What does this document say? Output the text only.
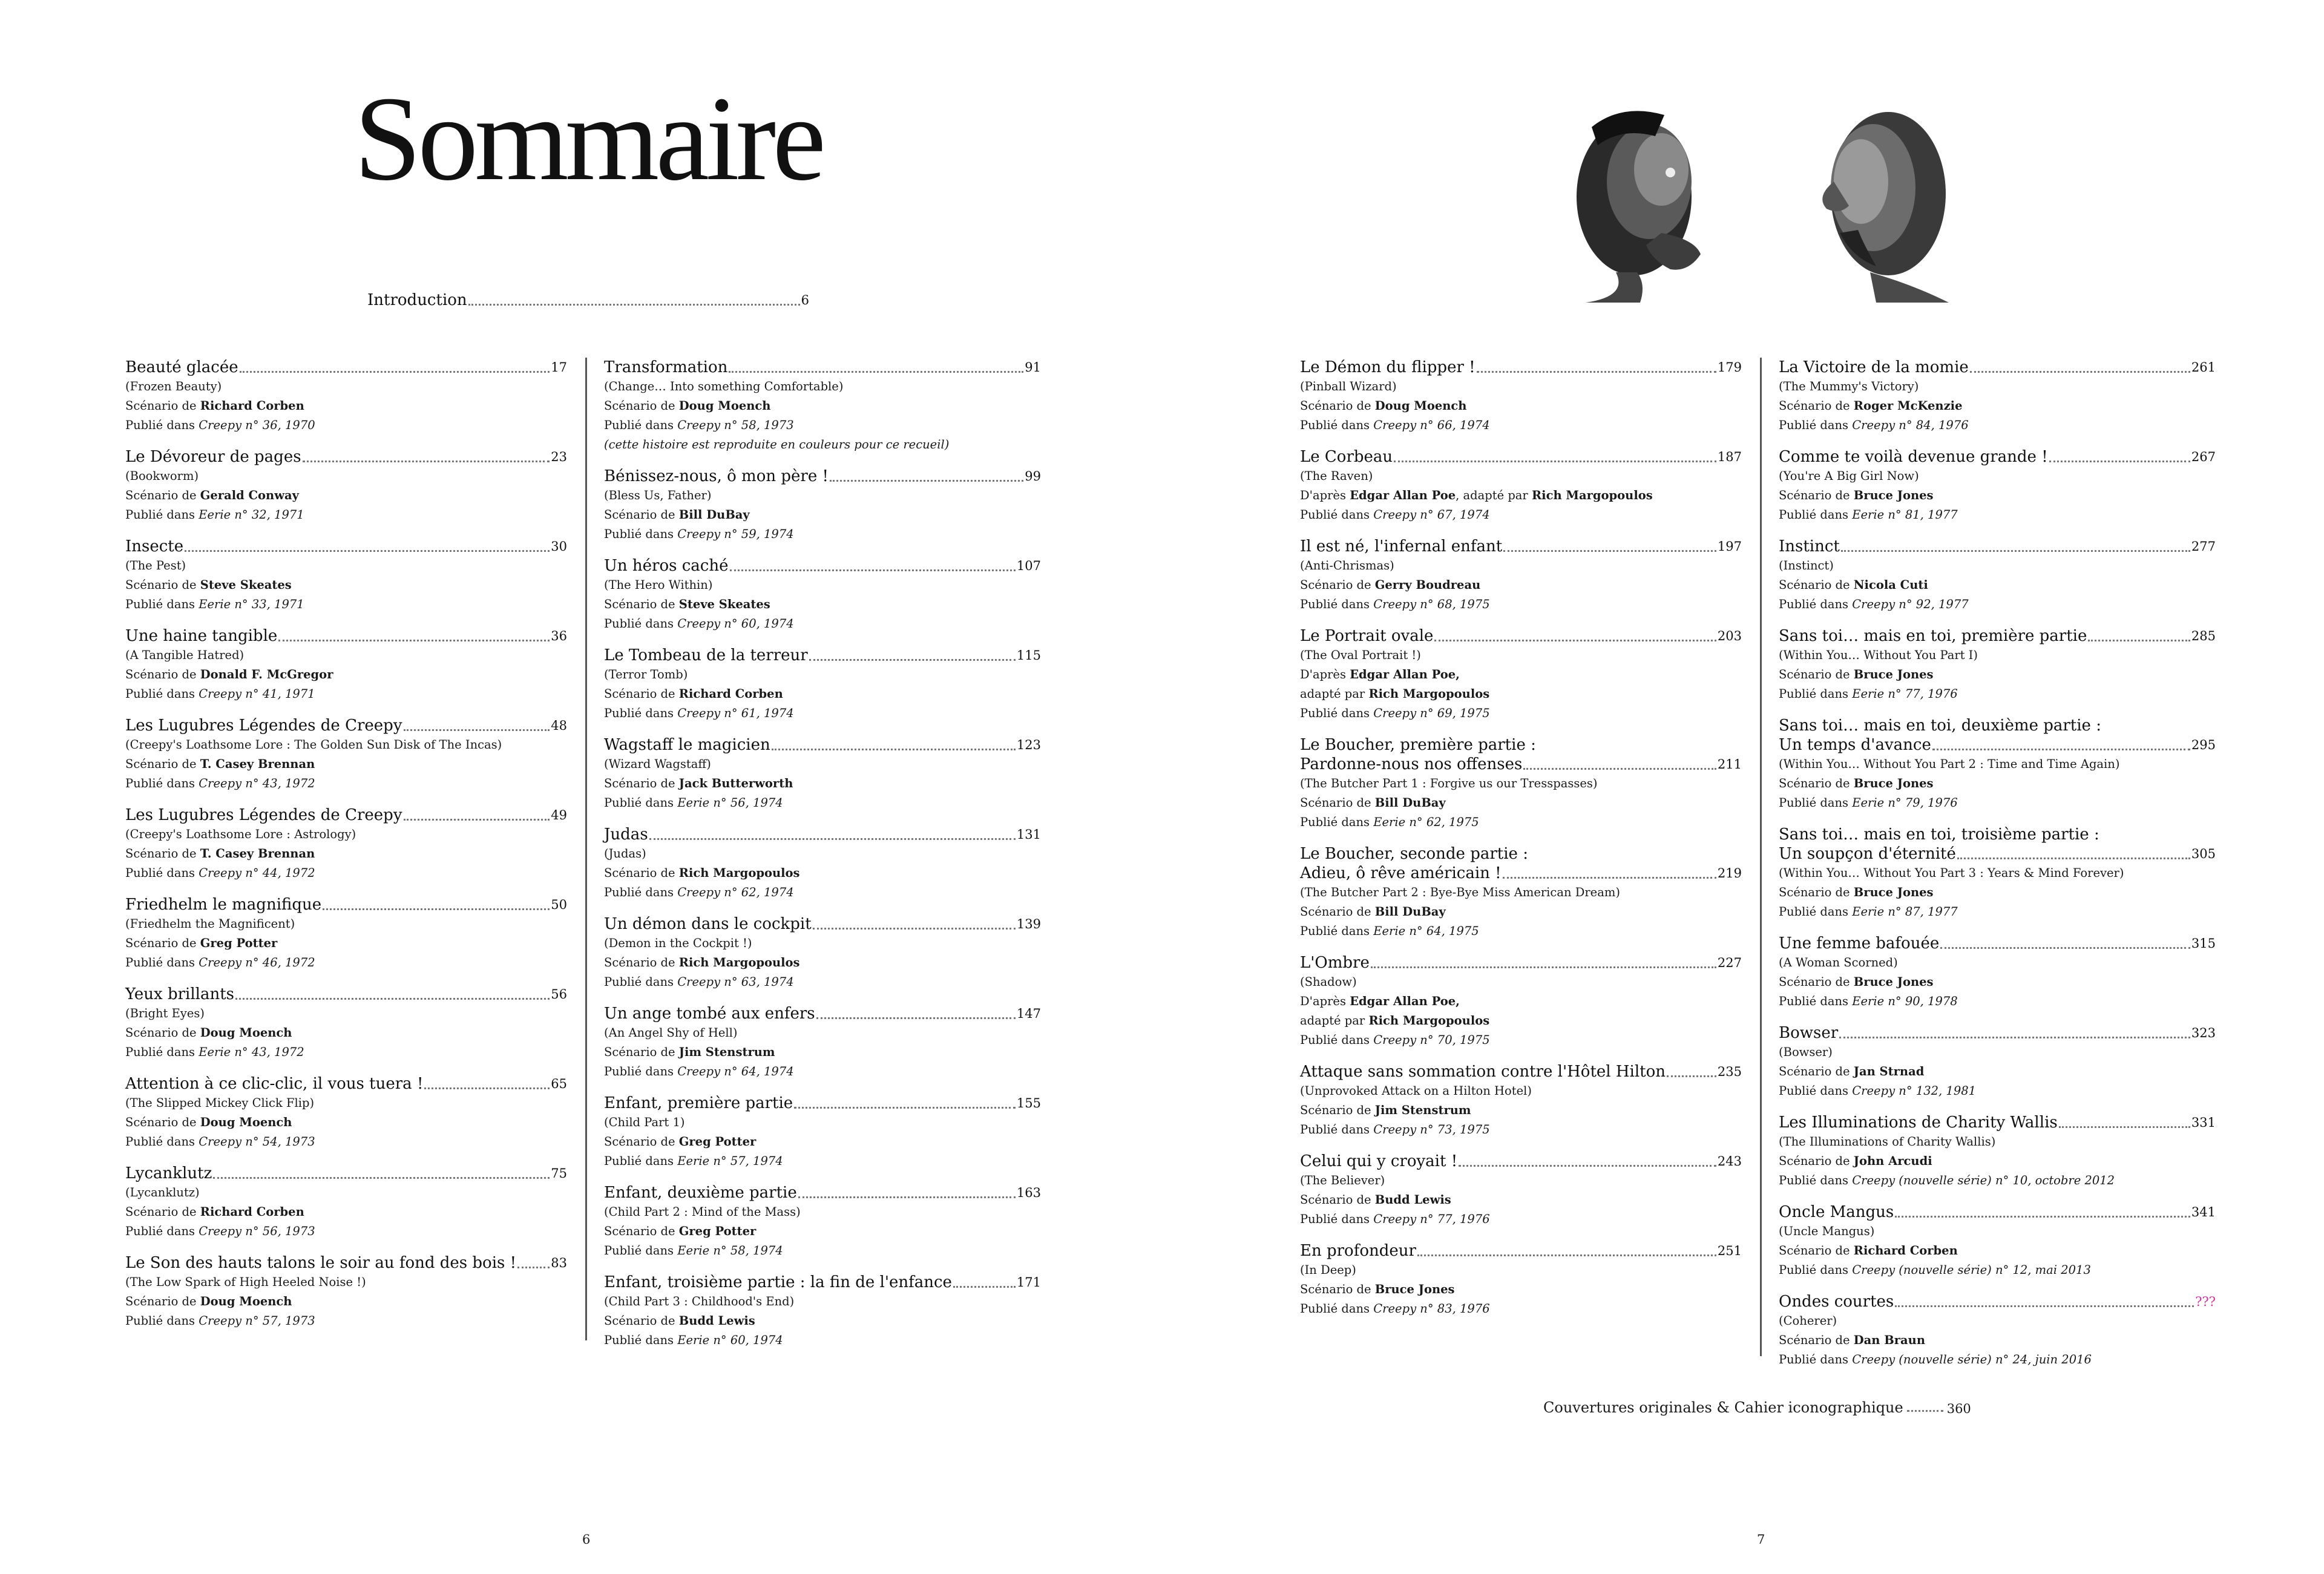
Sommaire
Introduction	6
Beauté glacée	17
(Frozen Beauty)
Scénario de Richard Corben
Publié dans Creepy n° 36, 1970
Le Dévoreur de pages	23
(Bookworm)
Scénario de Gerald Conway
Publié dans Eerie n° 32, 1971
Insecte	30
(The Pest)
Scénario de Steve Skeates
Publié dans Eerie n° 33, 1971
Une haine tangible	36
(A Tangible Hatred)
Scénario de Donald F. McGregor
Publié dans Creepy n° 41, 1971
Les Lugubres Légendes de Creepy	48
(Creepy's Loathsome Lore : The Golden Sun Disk of The Incas)
Scénario de T. Casey Brennan
Publié dans Creepy n° 43, 1972
Les Lugubres Légendes de Creepy	49
(Creepy's Loathsome Lore : Astrology)
Scénario de T. Casey Brennan
Publié dans Creepy n° 44, 1972
Friedhelm le magnifique	50
(Friedhelm the Magnificent)
Scénario de Greg Potter
Publié dans Creepy n° 46, 1972
Yeux brillants	56
(Bright Eyes)
Scénario de Doug Moench
Publié dans Eerie n° 43, 1972
Attention à ce clic-clic, il vous tuera !	65
(The Slipped Mickey Click Flip)
Scénario de Doug Moench
Publié dans Creepy n° 54, 1973
Lycanklutz	75
(Lycanklutz)
Scénario de Richard Corben
Publié dans Creepy n° 56, 1973
Le Son des hauts talons le soir au fond des bois !	83
(The Low Spark of High Heeled Noise !)
Scénario de Doug Moench
Publié dans Creepy n° 57, 1973
Transformation	91
(Change… Into something Comfortable)
Scénario de Doug Moench
Publié dans Creepy n° 58, 1973
(cette histoire est reproduite en couleurs pour ce recueil)
Bénissez-nous, ô mon père !	99
(Bless Us, Father)
Scénario de Bill DuBay
Publié dans Creepy n° 59, 1974
Un héros caché	107
(The Hero Within)
Scénario de Steve Skeates
Publié dans Creepy n° 60, 1974
Le Tombeau de la terreur	115
(Terror Tomb)
Scénario de Richard Corben
Publié dans Creepy n° 61, 1974
Wagstaff le magicien	123
(Wizard Wagstaff)
Scénario de Jack Butterworth
Publié dans Eerie n° 56, 1974
Judas	131
(Judas)
Scénario de Rich Margopoulos
Publié dans Creepy n° 62, 1974
Un démon dans le cockpit	139
(Demon in the Cockpit !)
Scénario de Rich Margopoulos
Publié dans Creepy n° 63, 1974
Un ange tombé aux enfers	147
(An Angel Shy of Hell)
Scénario de Jim Stenstrum
Publié dans Creepy n° 64, 1974
Enfant, première partie	155
(Child Part 1)
Scénario de Greg Potter
Publié dans Eerie n° 57, 1974
Enfant, deuxième partie	163
(Child Part 2 : Mind of the Mass)
Scénario de Greg Potter
Publié dans Eerie n° 58, 1974
Enfant, troisième partie : la fin de l'enfance	171
(Child Part 3 : Childhood's End)
Scénario de Budd Lewis
Publié dans Eerie n° 60, 1974
Le Démon du flipper !	179
(Pinball Wizard)
Scénario de Doug Moench
Publié dans Creepy n° 66, 1974
Le Corbeau	187
(The Raven)
D'après Edgar Allan Poe, adapté par Rich Margopoulos
Publié dans Creepy n° 67, 1974
Il est né, l'infernal enfant	197
(Anti-Chrismas)
Scénario de Gerry Boudreau
Publié dans Creepy n° 68, 1975
Le Portrait ovale	203
(The Oval Portrait !)
D'après Edgar Allan Poe,
adapté par Rich Margopoulos
Publié dans Creepy n° 69, 1975
Le Boucher, première partie :
Pardonne-nous nos offenses	211
(The Butcher Part 1 : Forgive us our Tresspasses)
Scénario de Bill DuBay
Publié dans Eerie n° 62, 1975
Le Boucher, seconde partie :
Adieu, ô rêve américain !	219
(The Butcher Part 2 : Bye-Bye Miss American Dream)
Scénario de Bill DuBay
Publié dans Eerie n° 64, 1975
L'Ombre	227
(Shadow)
D'après Edgar Allan Poe,
adapté par Rich Margopoulos
Publié dans Creepy n° 70, 1975
Attaque sans sommation contre l'Hôtel Hilton	235
(Unprovoked Attack on a Hilton Hotel)
Scénario de Jim Stenstrum
Publié dans Creepy n° 73, 1975
Celui qui y croyait !	243
(The Believer)
Scénario de Budd Lewis
Publié dans Creepy n° 77, 1976
En profondeur	251
(In Deep)
Scénario de Bruce Jones
Publié dans Creepy n° 83, 1976
La Victoire de la momie	261
(The Mummy's Victory)
Scénario de Roger McKenzie
Publié dans Creepy n° 84, 1976
Comme te voilà devenue grande !	267
(You're A Big Girl Now)
Scénario de Bruce Jones
Publié dans Eerie n° 81, 1977
Instinct	277
(Instinct)
Scénario de Nicola Cuti
Publié dans Creepy n° 92, 1977
Sans toi… mais en toi, première partie	285
(Within You… Without You Part I)
Scénario de Bruce Jones
Publié dans Eerie n° 77, 1976
Sans toi… mais en toi, deuxième partie :
Un temps d'avance	295
(Within You… Without You Part 2 : Time and Time Again)
Scénario de Bruce Jones
Publié dans Eerie n° 79, 1976
Sans toi… mais en toi, troisième partie :
Un soupçon d'éternité	305
(Within You… Without You Part 3 : Years & Mind Forever)
Scénario de Bruce Jones
Publié dans Eerie n° 87, 1977
Une femme bafouée	315
(A Woman Scorned)
Scénario de Bruce Jones
Publié dans Eerie n° 90, 1978
Bowser	323
(Bowser)
Scénario de Jan Strnad
Publié dans Creepy n° 132, 1981
Les Illuminations de Charity Wallis	331
(The Illuminations of Charity Wallis)
Scénario de John Arcudi
Publié dans Creepy (nouvelle série) n° 10, octobre 2012
Oncle Mangus	341
(Uncle Mangus)
Scénario de Richard Corben
Publié dans Creepy (nouvelle série) n° 12, mai 2013
Ondes courtes	???
(Coherer)
Scénario de Dan Braun
Publié dans Creepy (nouvelle série) n° 24, juin 2016
Couvertures originales & Cahier iconographique	360
6	7
